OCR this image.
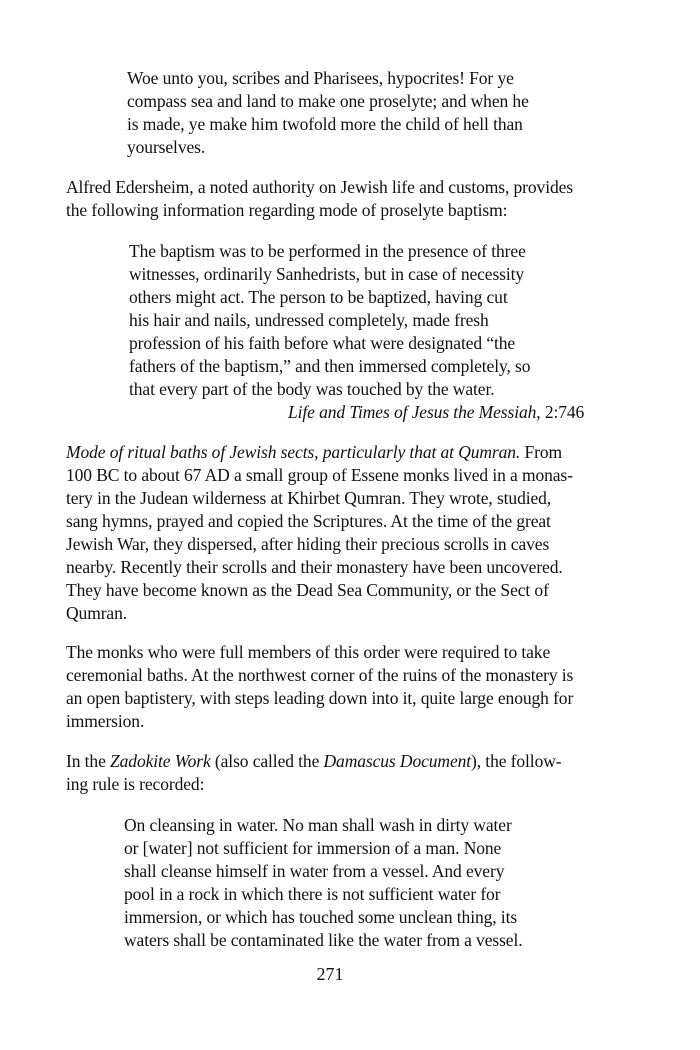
Woe unto you, scribes and Pharisees, hypocrites! For ye
compass sea and land to make one proselyte; and when he
is made, ye make him twofold more the child of hell than
yourselves.
Alfred Edersheim, a noted authority on Jewish life and customs, provides
the following information regarding mode of proselyte baptism:
The baptism was to be performed in the presence of three
witnesses, ordinarily Sanhedrists, but in case of necessity
others might act. The person to be baptized, having cut
his hair and nails, undressed completely, made fresh
profession of his faith before what were designated “the
fathers of the baptism,” and then immersed completely, so
that every part of the body was touched by the water.
Life and Times of Jesus the Messiah, 2:746
Mode of ritual baths of Jewish sects, particularly that at Qumran. From
100 BC to about 67 AD a small group of Essene monks lived in a monas-
tery in the Judean wilderness at Khirbet Qumran. They wrote, studied,
sang hymns, prayed and copied the Scriptures. At the time of the great
Jewish War, they dispersed, after hiding their precious scrolls in caves
nearby. Recently their scrolls and their monastery have been uncovered.
They have become known as the Dead Sea Community, or the Sect of
Qumran.
The monks who were full members of this order were required to take
ceremonial baths. At the northwest corner of the ruins of the monastery is
an open baptistery, with steps leading down into it, quite large enough for
immersion.
In the Zadokite Work (also called the Damascus Document), the follow-
ing rule is recorded:
On cleansing in water. No man shall wash in dirty water
or [water] not sufficient for immersion of a man. None
shall cleanse himself in water from a vessel. And every
pool in a rock in which there is not sufficient water for
immersion, or which has touched some unclean thing, its
waters shall be contaminated like the water from a vessel.
271
